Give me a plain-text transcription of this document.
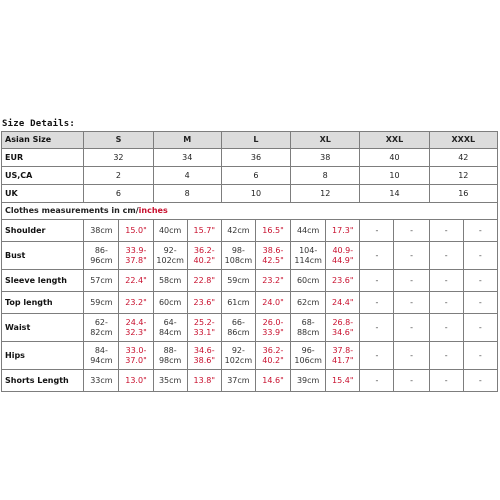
Size Details:
Asian Size	S		M		L		XL		XXL		XXXL	
EUR	32		34		36		38		40		42	
US,CA	2		4		6		8		10		12	
UK	6		8		10		12		14		16	
Clothes measurements in cm/inches												
Shoulder	38cm	15.0"	40cm	15.7"	42cm	16.5"	44cm	17.3"	-	-	-	-
Bust	86-96cm	33.9-37.8"	92-102cm	36.2-40.2"	98-108cm	38.6-42.5"	104-114cm	40.9-44.9"	-	-	-	-
Sleeve length	57cm	22.4"	58cm	22.8"	59cm	23.2"	60cm	23.6"	-	-	-	-
Top length	59cm	23.2"	60cm	23.6"	61cm	24.0"	62cm	24.4"	-	-	-	-
Waist	62-82cm	24.4-32.3"	64-84cm	25.2-33.1"	66-86cm	26.0-33.9"	68-88cm	26.8-34.6"	-	-	-	-
Hips	84-94cm	33.0-37.0"	88-98cm	34.6-38.6"	92-102cm	36.2-40.2"	96-106cm	37.8-41.7"	-	-	-	-
Shorts Length	33cm	13.0"	35cm	13.8"	37cm	14.6"	39cm	15.4"	-	-	-	-
